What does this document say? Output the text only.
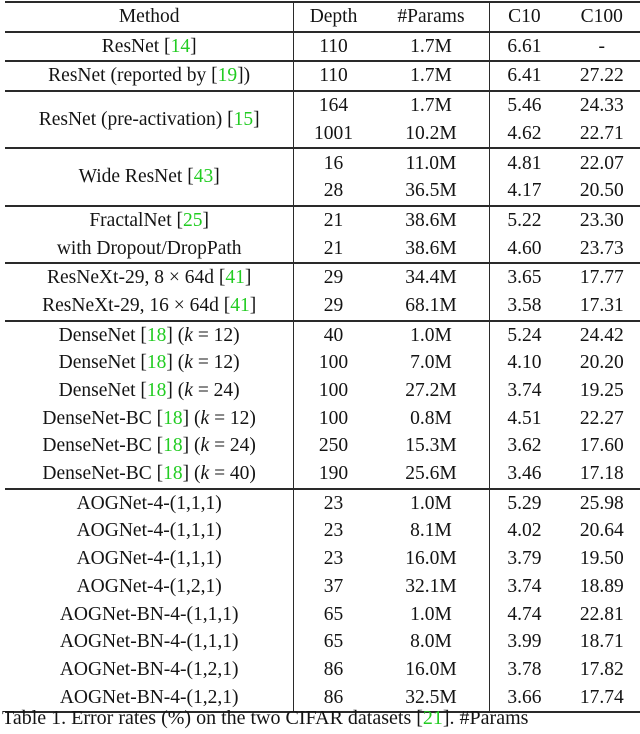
Method	Depth	#Params	C10	C100
ResNet [14]	110	1.7M	6.61	-
ResNet (reported by [19])	110	1.7M	6.41	27.22
ResNet (pre-activation) [15]	164	1.7M	5.46	24.33
	1001	10.2M	4.62	22.71
Wide ResNet [43]	16	11.0M	4.81	22.07
	28	36.5M	4.17	20.50
FractalNet [25]	21	38.6M	5.22	23.30
with Dropout/DropPath	21	38.6M	4.60	23.73
ResNeXt-29, 8 × 64d [41]	29	34.4M	3.65	17.77
ResNeXt-29, 16 × 64d [41]	29	68.1M	3.58	17.31
DenseNet [18] (k = 12)	40	1.0M	5.24	24.42
DenseNet [18] (k = 12)	100	7.0M	4.10	20.20
DenseNet [18] (k = 24)	100	27.2M	3.74	19.25
DenseNet-BC [18] (k = 12)	100	0.8M	4.51	22.27
DenseNet-BC [18] (k = 24)	250	15.3M	3.62	17.60
DenseNet-BC [18] (k = 40)	190	25.6M	3.46	17.18
AOGNet-4-(1,1,1)	23	1.0M	5.29	25.98
AOGNet-4-(1,1,1)	23	8.1M	4.02	20.64
AOGNet-4-(1,1,1)	23	16.0M	3.79	19.50
AOGNet-4-(1,2,1)	37	32.1M	3.74	18.89
AOGNet-BN-4-(1,1,1)	65	1.0M	4.74	22.81
AOGNet-BN-4-(1,1,1)	65	8.0M	3.99	18.71
AOGNet-BN-4-(1,2,1)	86	16.0M	3.78	17.82
AOGNet-BN-4-(1,2,1)	86	32.5M	3.66	17.74
Table 1. Error rates (%) on the two CIFAR datasets [21]. #Params
